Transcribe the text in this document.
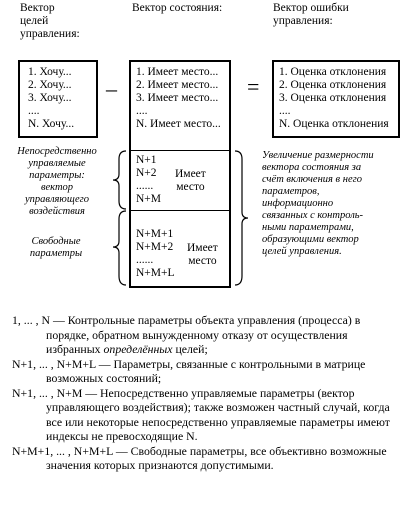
Вектор
целей
управления:
Вектор состояния:	Вектор ошибки
управления:
1. Хочу...
2. Хочу...
3. Хочу...
....
N. Хочу...
–
1. Имеет место...
2. Имеет место...
3. Имеет место...
....
N. Имеет место...
N+1
N+2
......
N+M
Имеет
место
N+M+1
N+M+2
......
N+M+L
Имеет
место
=
1. Оценка отклонения
2. Оценка отклонения
3. Оценка отклонения
....
N. Оценка отклонения
Непосредственно
управляемые
параметры:
вектор
управляющего
воздействия
Свободные
параметры
Увеличение размерности
вектора состояния за
счёт включения в него
параметров,
информационно
связанных с контроль-
ными параметрами,
образующими вектор
целей управления.
1, ... , N — Контрольные параметры объекта управления (процесса) в порядке, обратном вынужденному отказу от осуществления избранных определённых целей;
N+1, ... , N+M+L — Параметры, связанные с контрольными в матрице возможных состояний;
N+1, ... , N+M — Непосредственно управляемые параметры (вектор управляющего воздействия); также возможен частный случай, когда все или некоторые непосредственно управляемые параметры имеют индексы не превосходящие N.
N+M+1, ... , N+M+L — Свободные параметры, все объективно возможные значения которых признаются допустимыми.
